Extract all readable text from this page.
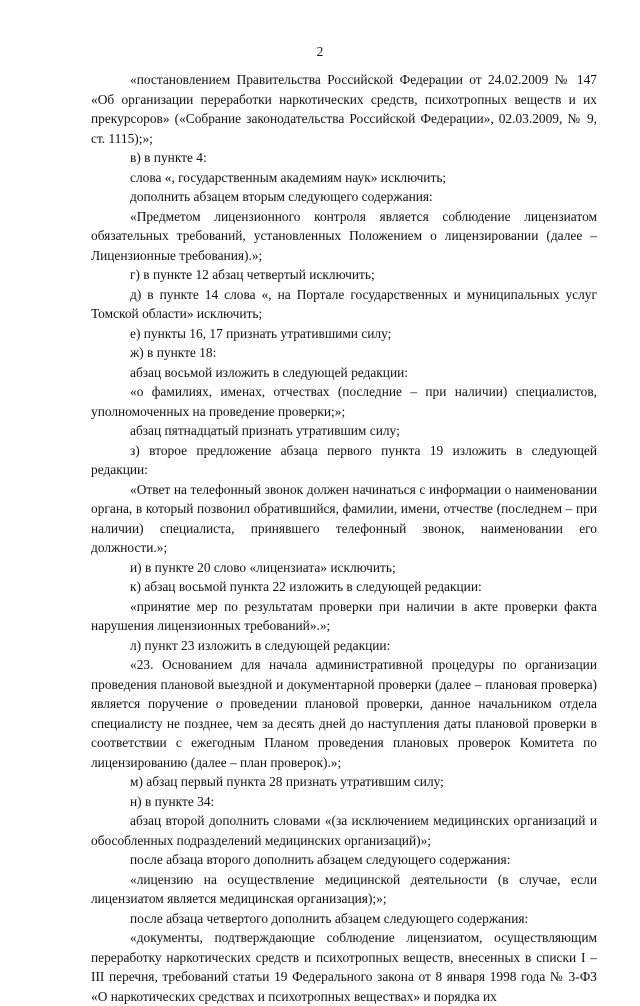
2

«постановлением Правительства Российской Федерации от 24.02.2009 № 147 «Об организации переработки наркотических средств, психотропных веществ и их прекурсоров» («Собрание законодательства Российской Федерации», 02.03.2009, № 9, ст. 1115);»;

в) в пункте 4:

слова «, государственным академиям наук» исключить;

дополнить абзацем вторым следующего содержания:

«Предметом лицензионного контроля является соблюдение лицензиатом обязательных требований, установленных Положением о лицензировании (далее – Лицензионные требования).»;

г) в пункте 12 абзац четвертый исключить;

д) в пункте 14 слова «, на Портале государственных и муниципальных услуг Томской области» исключить;

е) пункты 16, 17 признать утратившими силу;

ж) в пункте 18:

абзац восьмой изложить в следующей редакции:

«о фамилиях, именах, отчествах (последние – при наличии) специалистов, уполномоченных на проведение проверки;»;

абзац пятнадцатый признать утратившим силу;

з) второе предложение абзаца первого пункта 19 изложить в следующей редакции:

«Ответ на телефонный звонок должен начинаться с информации о наименовании органа, в который позвонил обратившийся, фамилии, имени, отчестве (последнем – при наличии) специалиста, принявшего телефонный звонок, наименовании его должности.»;

и) в пункте 20 слово «лицензиата» исключить;

к) абзац восьмой пункта 22 изложить в следующей редакции:

«принятие мер по результатам проверки при наличии в акте проверки факта нарушения лицензионных требований».»;

л) пункт 23 изложить в следующей редакции:

«23. Основанием для начала административной процедуры по организации проведения плановой выездной и документарной проверки (далее – плановая проверка) является поручение о проведении плановой проверки, данное начальником отдела специалисту не позднее, чем за десять дней до наступления даты плановой проверки в соответствии с ежегодным Планом проведения плановых проверок Комитета по лицензированию (далее – план проверок).»;

м) абзац первый пункта 28 признать утратившим силу;

н) в пункте 34:

абзац второй дополнить словами «(за исключением медицинских организаций и обособленных подразделений медицинских организаций)»;

после абзаца второго дополнить абзацем следующего содержания:

«лицензию на осуществление медицинской деятельности (в случае, если лицензиатом является медицинская организация);»;

после абзаца четвертого дополнить абзацем следующего содержания:

«документы, подтверждающие соблюдение лицензиатом, осуществляющим переработку наркотических средств и психотропных веществ, внесенных в списки I – III перечня, требований статьи 19 Федерального закона от 8 января 1998 года № 3-ФЗ «О наркотических средствах и психотропных веществах» и порядка их
